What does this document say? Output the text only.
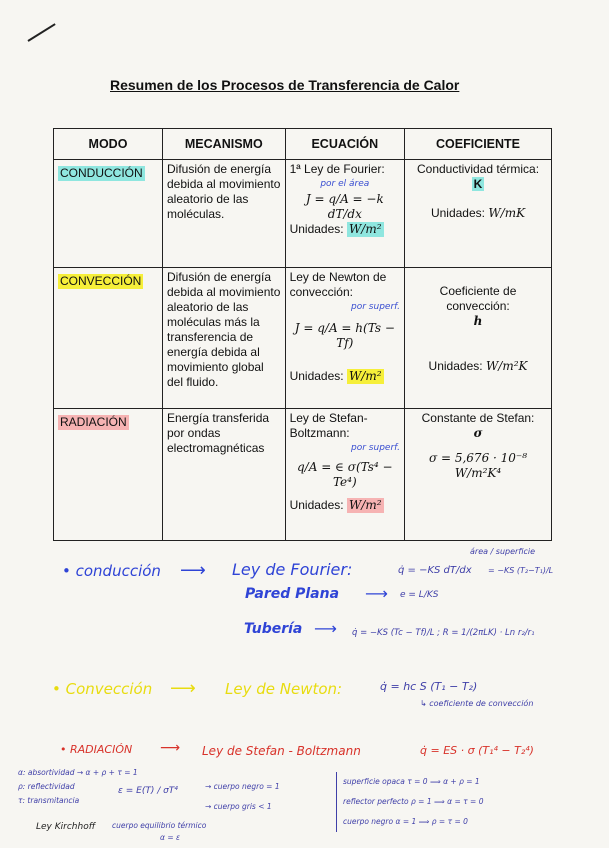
Resumen de los Procesos de Transferencia de Calor
MODO	MECANISMO	ECUACIÓN	COEFICIENTE
CONDUCCIÓN	Difusión de energía debida al movimiento aleatorio de las moléculas.	1ª Ley de Fourier:
por el área
J = q/A = −k dT/dx
Unidades: W/m²	Conductividad térmica:
K
Unidades: W/mK

CONVECCIÓN	Difusión de energía debida al movimiento aleatorio de las moléculas más la transferencia de energía debida al movimiento global del fluido.	Ley de Newton de convección:
por superf.
J = q/A = h(Ts − Tf)
Unidades: W/m²	Coeficiente de convección:
h
Unidades: W/m²K

RADIACIÓN	Energía transferida por ondas electromagnéticas	Ley de Stefan-Boltzmann:
por superf.
q/A = ∈ σ(Ts⁴ − Te⁴)
Unidades: W/m²	Constante de Stefan:
σ
σ = 5,676 · 10⁻⁸ W/m²K⁴
• conducción ⟶ Ley de Fourier:	q̇ = −KS dT/dx
área / superficie
= −KS (T₂−T₁)/L
Pared Plana ⟶ e = L/KS
Tubería ⟶ q̇ = −KS (Tc − Tf)/L ; R = 1/(2πLK) · Ln r₂/r₁
• Convección ⟶ Ley de Newton:	q̇ = hc S (T₁ − T₂)
↳ coeficiente de convección
• RADIACIÓN ⟶ Ley de Stefan - Boltzmann	q̇ = ES · σ (T₁⁴ − T₂⁴)
α: absortividad → α + ρ + τ = 1
ρ: reflectividad
τ: transmitancia
ε = E(T) / σT⁴	→ cuerpo negro = 1
→ cuerpo gris < 1
superficie opaca τ = 0 ⟹ α + ρ = 1
reflector perfecto ρ = 1 ⟹ α = τ = 0
cuerpo negro α = 1 ⟹ ρ = τ = 0
Ley Kirchhoff cuerpo equilibrio térmico
α = ε
